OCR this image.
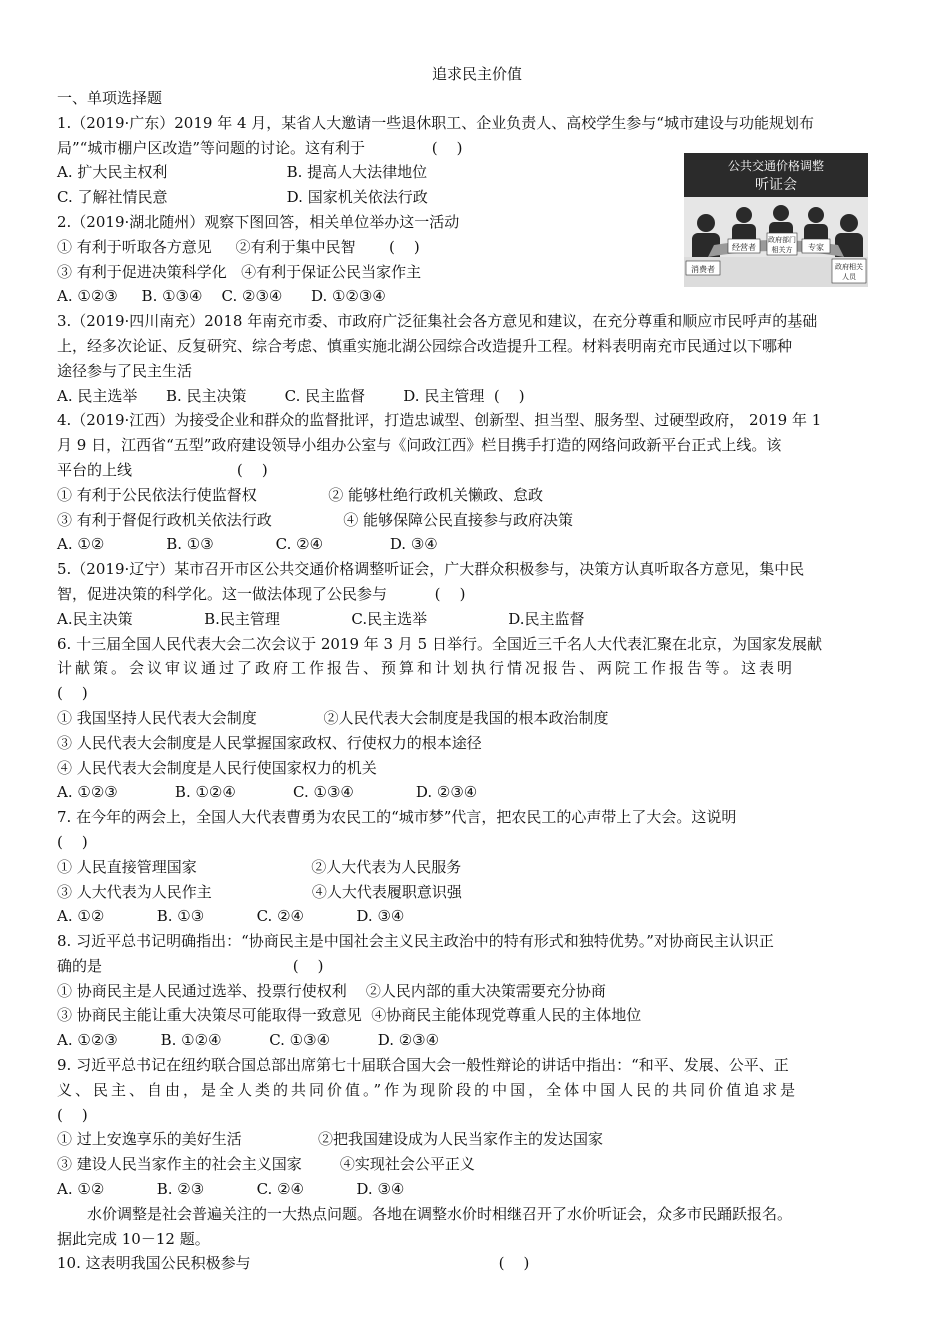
追求民主价值

一、单项选择题

1.（2019·广东）2019 年 4 月，某省人大邀请一些退休职工、企业负责人、高校学生参与“城市建设与功能规划布

局”“城市棚户区改造”等问题的讨论。这有利于              (    )

A. 扩大民主权利                         B. 提高人大法律地位

C. 了解社情民意                         D. 国家机关依法行政

2.（2019·湖北随州）观察下图回答，相关单位举办这一活动

① 有利于听取各方意见     ②有利于集中民智       (    )

③ 有利于促进决策科学化   ④有利于保证公民当家作主

A. ①②③     B. ①③④    C. ②③④      D. ①②③④

3.（2019·四川南充）2018 年南充市委、市政府广泛征集社会各方意见和建议，在充分尊重和顺应市民呼声的基础

上，经多次论证、反复研究、综合考虑、慎重实施北湖公园综合改造提升工程。材料表明南充市民通过以下哪种

途径参与了民主生活

A. 民主选举      B. 民主决策        C. 民主监督        D. 民主管理  (    )

4.（2019·江西）为接受企业和群众的监督批评，打造忠诚型、创新型、担当型、服务型、过硬型政府， 2019 年 1

月 9 日，江西省“五型”政府建设领导小组办公室与《问政江西》栏目携手打造的网络问政新平台正式上线。该

平台的上线                      (    )

① 有利于公民依法行使监督权               ② 能够杜绝行政机关懒政、怠政

③ 有利于督促行政机关依法行政               ④ 能够保障公民直接参与政府决策

A. ①②             B. ①③             C. ②④              D. ③④

5.（2019·辽宁）某市召开市区公共交通价格调整听证会，广大群众积极参与，决策方认真听取各方意见，集中民

智，促进决策的科学化。这一做法体现了公民参与          (    )

A.民主决策               B.民主管理               C.民主选举                 D.民主监督

6. 十三届全国人民代表大会二次会议于 2019 年 3 月 5 日举行。全国近三千名人大代表汇聚在北京，为国家发展献

计献策。会议审议通过了政府工作报告、预算和计划执行情况报告、两院工作报告等。这表明

(    )

① 我国坚持人民代表大会制度              ②人民代表大会制度是我国的根本政治制度

③ 人民代表大会制度是人民掌握国家政权、行使权力的根本途径

④ 人民代表大会制度是人民行使国家权力的机关

A. ①②③            B. ①②④            C. ①③④             D. ②③④

7. 在今年的两会上，全国人大代表曹勇为农民工的“城市梦”代言，把农民工的心声带上了大会。这说明

(    )

① 人民直接管理国家                        ②人大代表为人民服务

③ 人大代表为人民作主                     ④人大代表履职意识强

A. ①②           B. ①③           C. ②④           D. ③④

8. 习近平总书记明确指出：“协商民主是中国社会主义民主政治中的特有形式和独特优势。”对协商民主认识正

确的是                                        (    )

① 协商民主是人民通过选举、投票行使权利    ②人民内部的重大决策需要充分协商

③ 协商民主能让重大决策尽可能取得一致意见  ④协商民主能体现党尊重人民的主体地位

A. ①②③         B. ①②④          C. ①③④          D. ②③④

9. 习近平总书记在纽约联合国总部出席第七十届联合国大会一般性辩论的讲话中指出：“和平、发展、公平、正

义、民主、自由，是全人类的共同价值。”作为现阶段的中国，全体中国人民的共同价值追求是

(    )

① 过上安逸享乐的美好生活                ②把我国建设成为人民当家作主的发达国家

③ 建设人民当家作主的社会主义国家        ④实现社会公平正义

A. ①②           B. ②③           C. ②④           D. ③④

水价调整是社会普遍关注的一大热点问题。各地在调整水价时相继召开了水价听证会，众多市民踊跃报名。

据此完成 10－12 题。

10. 这表明我国公民积极参与                                                    (    )

公共交通价格调整
听证会
消费者
经营者
政府部门
相关方 专家
政府相关
人员
